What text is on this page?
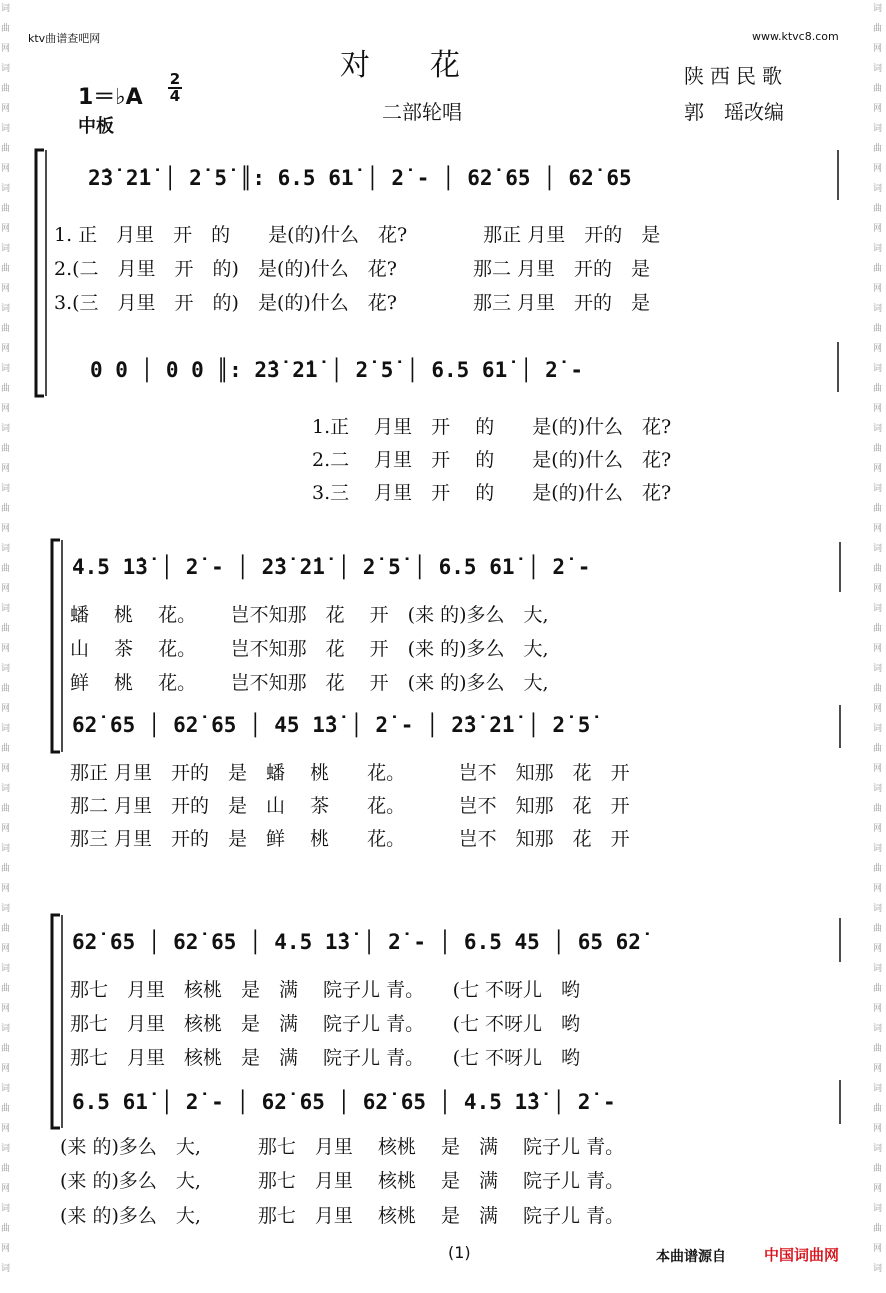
词
曲
网
词
曲
网
词
曲
网
词
曲
网
词
曲
网
词
曲
网
词
曲
网
词
曲
网
词
曲
网
词
曲
网
词
曲
网
词
曲
网
词
曲
网
词
曲
网
词
曲
网
词
曲
网
词
曲
网
词
曲
网
词
曲
网
词
曲
网
词
曲
网
词
词
曲
网
词
曲
网
词
曲
网
词
曲
网
词
曲
网
词
曲
网
词
曲
网
词
曲
网
词
曲
网
词
曲
网
词
曲
网
词
曲
网
词
曲
网
词
曲
网
词
曲
网
词
曲
网
词
曲
网
词
曲
网
词
曲
网
词
曲
网
词
曲
网
词
ktv曲谱查吧网	www.ktvc8.com
对花
二部轮唱
陕西民歌
郭　瑶改编
1＝♭A
2
4
中板
2̇3̇ 2̇1̇ │ 2̇ 5̇ ║: 6.5 61̇ │ 2̇ - │ 62̇ 65 │ 62̇ 65
1. 正　月里　开　的　　是(的)什么　花?　　　　那正 月里　开的　是
2.(二　月里　开　的)　是(的)什么　花?　　　　那二 月里　开的　是
3.(三　月里　开　的)　是(的)什么　花?　　　　那三 月里　开的　是
0 0 │ 0 0 ║: 2̇3̇ 2̇1̇ │ 2̇ 5̇ │ 6.5 61̇ │ 2̇ -
1.正　 月里　开　 的　　是(的)什么　花?
2.二　 月里　开　 的　　是(的)什么　花?
3.三　 月里　开　 的　　是(的)什么　花?
4.5 1̇3̇ │ 2̇ - │ 2̇3̇ 2̇1̇ │ 2̇ 5̇ │ 6.5 61̇ │ 2̇ -
蟠　 桃　 花。　　 岂不知那　花　 开　(来 的)多么　大,
山　 茶　 花。　　 岂不知那　花　 开　(来 的)多么　大,
鲜　 桃　 花。　　 岂不知那　花　 开　(来 的)多么　大,
62̇ 65 │ 62̇ 65 │ 45 1̇3̇ │ 2̇ - │ 2̇3̇ 2̇1̇ │ 2̇ 5̇
那正 月里　开的　是　蟠　 桃　　花。　　　 岂不　知那　花　开
那二 月里　开的　是　山　 茶　　花。　　　 岂不　知那　花　开
那三 月里　开的　是　鲜　 桃　　花。　　　 岂不　知那　花　开
62̇ 65 │ 62̇ 65 │ 4.5 1̇3̇ │ 2̇ - │ 6.5 45 │ 65 62̇
那七　月里　核桃　是　满　 院子儿 青。　　(七 不呀儿　哟
那七　月里　核桃　是　满　 院子儿 青。　　(七 不呀儿　哟
那七　月里　核桃　是　满　 院子儿 青。　　(七 不呀儿　哟
6.5 61̇ │ 2̇ - │ 62̇ 65 │ 62̇ 65 │ 4.5 1̇3̇ │ 2̇ -
(来 的)多么　大,　　　那七　月里　 核桃　 是　满　 院子儿 青。
(来 的)多么　大,　　　那七　月里　 核桃　 是　满　 院子儿 青。
(来 的)多么　大,　　　那七　月里　 核桃　 是　满　 院子儿 青。
(1)	本曲谱源自	中国词曲网
